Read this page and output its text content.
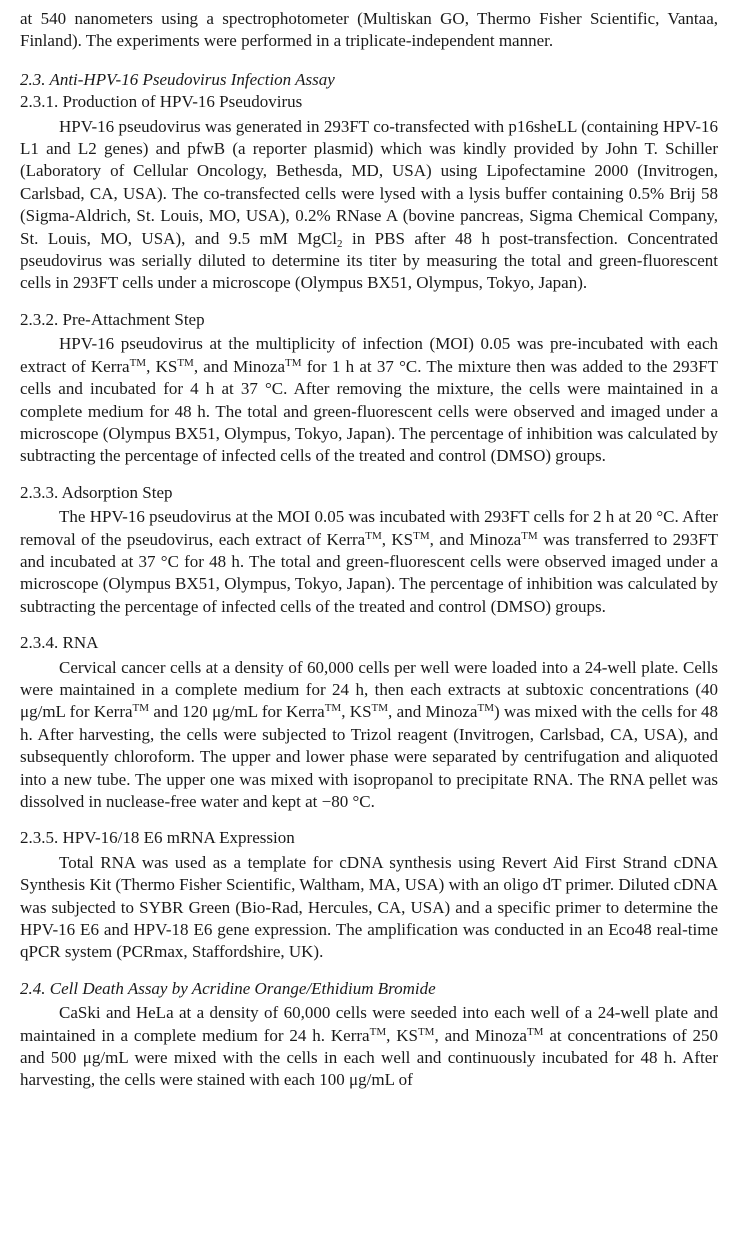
at 540 nanometers using a spectrophotometer (Multiskan GO, Thermo Fisher Scientific, Vantaa, Finland). The experiments were performed in a triplicate-independent manner.

2.3. Anti-HPV-16 Pseudovirus Infection Assay

2.3.1. Production of HPV-16 Pseudovirus

HPV-16 pseudovirus was generated in 293FT co-transfected with p16sheLL (containing HPV-16 L1 and L2 genes) and pfwB (a reporter plasmid) which was kindly provided by John T. Schiller (Laboratory of Cellular Oncology, Bethesda, MD, USA) using Lipofectamine 2000 (Invitrogen, Carlsbad, CA, USA). The co-transfected cells were lysed with a lysis buffer containing 0.5% Brij 58 (Sigma-Aldrich, St. Louis, MO, USA), 0.2% RNase A (bovine pancreas, Sigma Chemical Company, St. Louis, MO, USA), and 9.5 mM MgCl$_2$ in PBS after 48 h post-transfection. Concentrated pseudovirus was serially diluted to determine its titer by measuring the total and green-fluorescent cells in 293FT cells under a microscope (Olympus BX51, Olympus, Tokyo, Japan).

2.3.2. Pre-Attachment Step

HPV-16 pseudovirus at the multiplicity of infection (MOI) 0.05 was pre-incubated with each extract of Kerra™, KS™, and Minoza™ for 1 h at 37 °C. The mixture then was added to the 293FT cells and incubated for 4 h at 37 °C. After removing the mixture, the cells were maintained in a complete medium for 48 h. The total and green-fluorescent cells were observed and imaged under a microscope (Olympus BX51, Olympus, Tokyo, Japan). The percentage of inhibition was calculated by subtracting the percentage of infected cells of the treated and control (DMSO) groups.

2.3.3. Adsorption Step

The HPV-16 pseudovirus at the MOI 0.05 was incubated with 293FT cells for 2 h at 20 °C. After removal of the pseudovirus, each extract of Kerra™, KS™, and Minoza™ was transferred to 293FT and incubated at 37 °C for 48 h. The total and green-fluorescent cells were observed imaged under a microscope (Olympus BX51, Olympus, Tokyo, Japan). The percentage of inhibition was calculated by subtracting the percentage of infected cells of the treated and control (DMSO) groups.

2.3.4. RNA

Cervical cancer cells at a density of 60,000 cells per well were loaded into a 24-well plate. Cells were maintained in a complete medium for 24 h, then each extracts at subtoxic concentrations (40 μg/mL for Kerra™ and 120 μg/mL for Kerra™, KS™, and Minoza™) was mixed with the cells for 48 h. After harvesting, the cells were subjected to Trizol reagent (Invitrogen, Carlsbad, CA, USA), and subsequently chloroform. The upper and lower phase were separated by centrifugation and aliquoted into a new tube. The upper one was mixed with isopropanol to precipitate RNA. The RNA pellet was dissolved in nuclease-free water and kept at −80 °C.

2.3.5. HPV-16/18 E6 mRNA Expression

Total RNA was used as a template for cDNA synthesis using Revert Aid First Strand cDNA Synthesis Kit (Thermo Fisher Scientific, Waltham, MA, USA) with an oligo dT primer. Diluted cDNA was subjected to SYBR Green (Bio-Rad, Hercules, CA, USA) and a specific primer to determine the HPV-16 E6 and HPV-18 E6 gene expression. The amplification was conducted in an Eco48 real-time qPCR system (PCRmax, Staffordshire, UK).

2.4. Cell Death Assay by Acridine Orange/Ethidium Bromide

CaSki and HeLa at a density of 60,000 cells were seeded into each well of a 24-well plate and maintained in a complete medium for 24 h. Kerra™, KS™, and Minoza™ at concentrations of 250 and 500 μg/mL were mixed with the cells in each well and continuously incubated for 48 h. After harvesting, the cells were stained with each 100 μg/mL of
